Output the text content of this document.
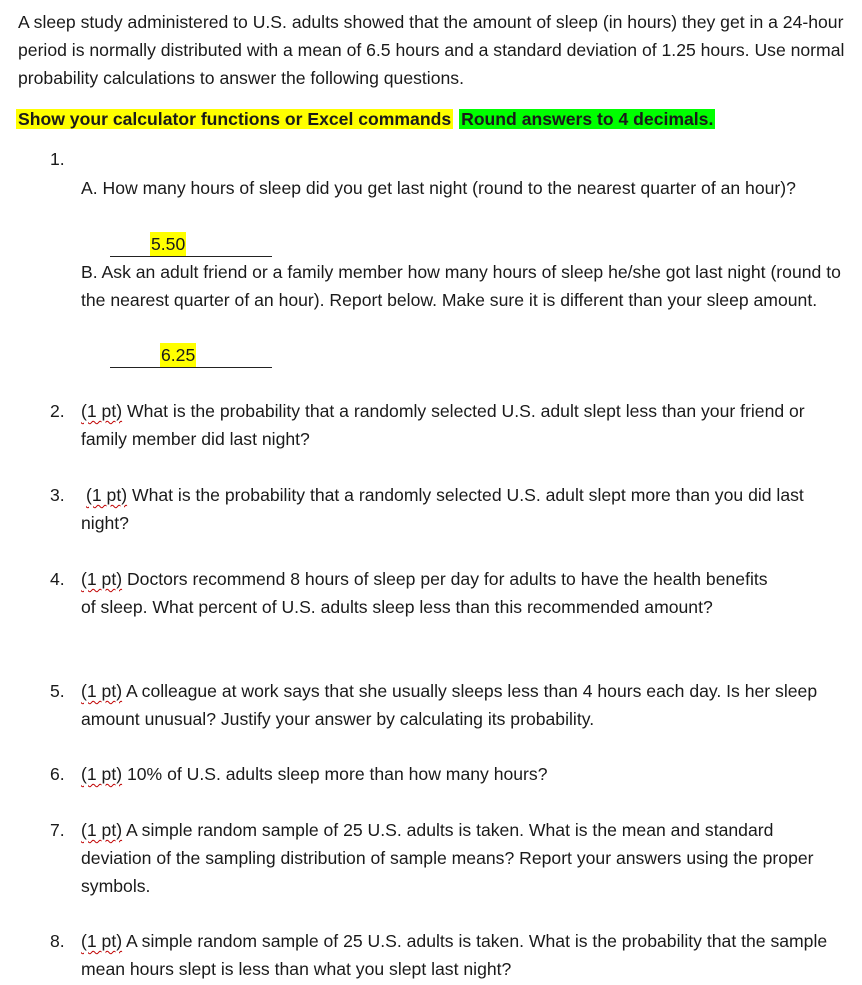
A sleep study administered to U.S. adults showed that the amount of sleep (in hours) they get in a 24-hour period is normally distributed with a mean of 6.5 hours and a standard deviation of 1.25 hours. Use normal probability calculations to answer the following questions.
Show your calculator functions or Excel commands Round answers to 4 decimals.
1.
A. How many hours of sleep did you get last night (round to the nearest quarter of an hour)?
5.50
B. Ask an adult friend or a family member how many hours of sleep he/she got last night (round to the nearest quarter of an hour). Report below. Make sure it is different than your sleep amount.
6.25
2. (1 pt) What is the probability that a randomly selected U.S. adult slept less than your friend or family member did last night?
3. (1 pt) What is the probability that a randomly selected U.S. adult slept more than you did last night?
4. (1 pt) Doctors recommend 8 hours of sleep per day for adults to have the health benefits of sleep. What percent of U.S. adults sleep less than this recommended amount?
5. (1 pt) A colleague at work says that she usually sleeps less than 4 hours each day. Is her sleep amount unusual? Justify your answer by calculating its probability.
6. (1 pt) 10% of U.S. adults sleep more than how many hours?
7. (1 pt) A simple random sample of 25 U.S. adults is taken. What is the mean and standard deviation of the sampling distribution of sample means? Report your answers using the proper symbols.
8. (1 pt) A simple random sample of 25 U.S. adults is taken. What is the probability that the sample mean hours slept is less than what you slept last night?
